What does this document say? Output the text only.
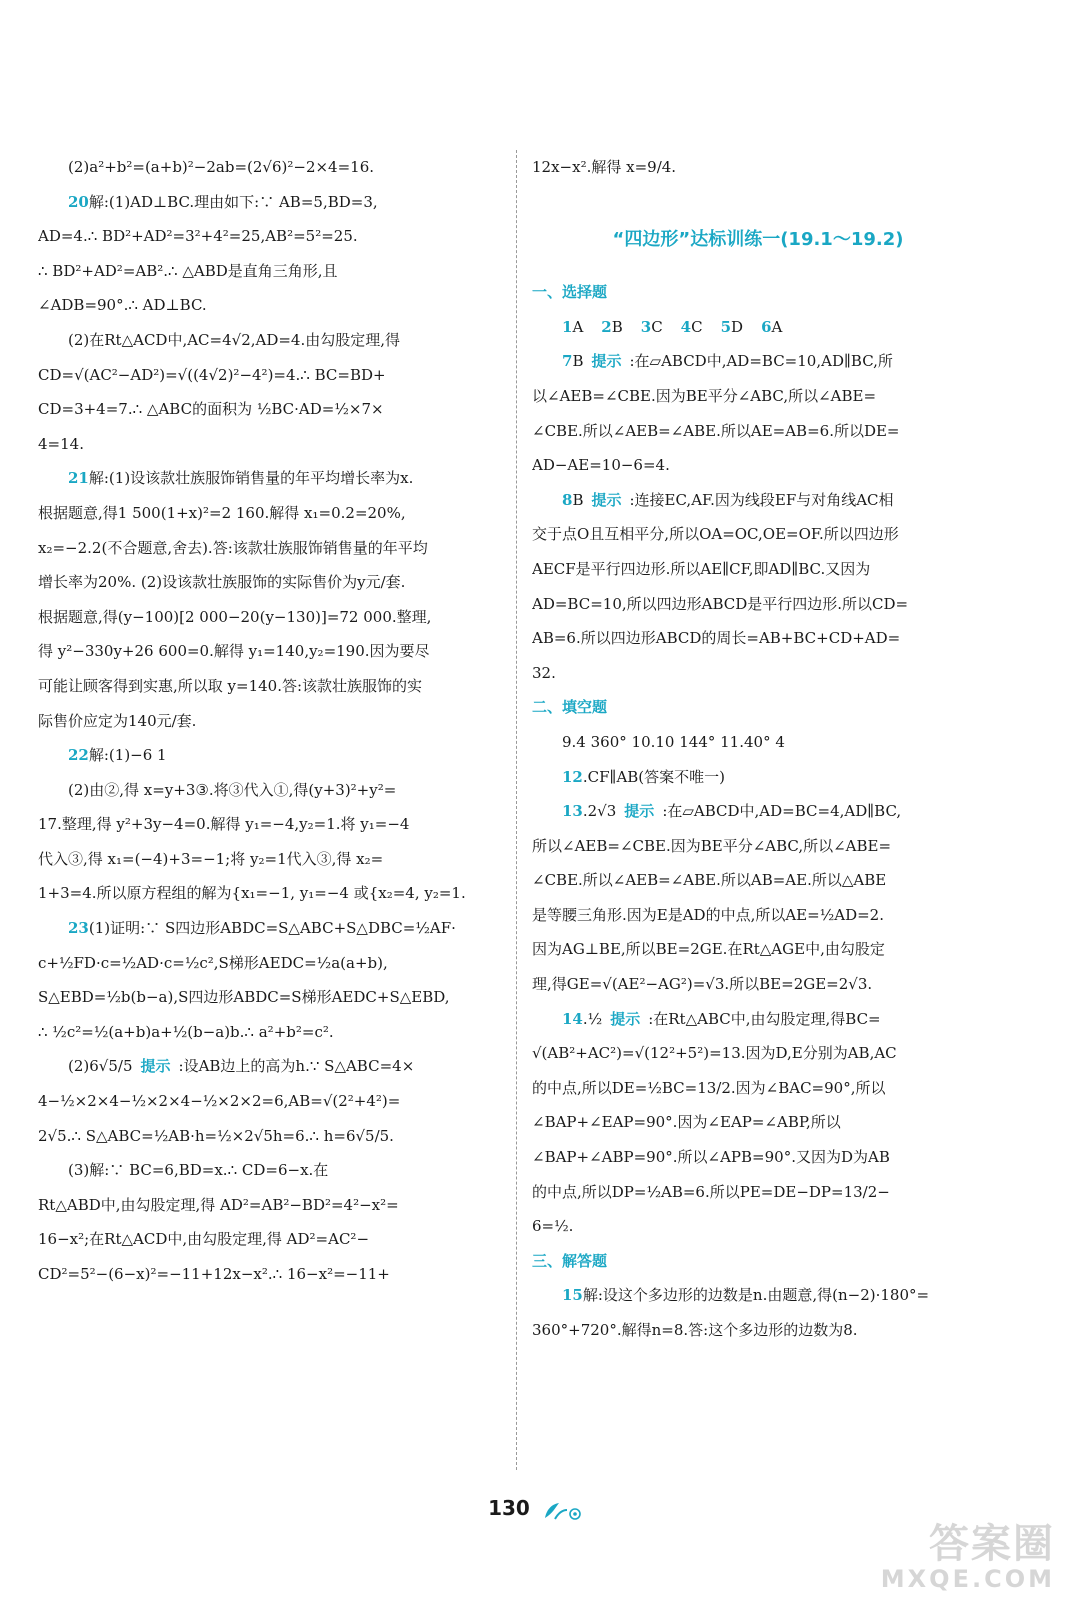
(2)a²+b²=(a+b)²−2ab=(2√6)²−2×4=16.
20解:(1)AD⊥BC.理由如下:∵ AB=5,BD=3,
AD=4.∴ BD²+AD²=3²+4²=25,AB²=5²=25.
∴ BD²+AD²=AB².∴ △ABD是直角三角形,且
∠ADB=90°.∴ AD⊥BC.
(2)在Rt△ACD中,AC=4√2,AD=4.由勾股定理,得
CD=√(AC²−AD²)=√((4√2)²−4²)=4.∴ BC=BD+
CD=3+4=7.∴ △ABC的面积为 ½BC·AD=½×7×
4=14.
21解:(1)设该款壮族服饰销售量的年平均增长率为x.
根据题意,得1 500(1+x)²=2 160.解得 x₁=0.2=20%,
x₂=−2.2(不合题意,舍去).答:该款壮族服饰销售量的年平均
增长率为20%. (2)设该款壮族服饰的实际售价为y元/套.
根据题意,得(y−100)[2 000−20(y−130)]=72 000.整理,
得 y²−330y+26 600=0.解得 y₁=140,y₂=190.因为要尽
可能让顾客得到实惠,所以取 y=140.答:该款壮族服饰的实
际售价应定为140元/套.
22解:(1)−6 1
(2)由②,得 x=y+3③.将③代入①,得(y+3)²+y²=
17.整理,得 y²+3y−4=0.解得 y₁=−4,y₂=1.将 y₁=−4
代入③,得 x₁=(−4)+3=−1;将 y₂=1代入③,得 x₂=
1+3=4.所以原方程组的解为{x₁=−1, y₁=−4 或{x₂=4, y₂=1.
23(1)证明:∵ S四边形ABDC=S△ABC+S△DBC=½AF·
c+½FD·c=½AD·c=½c²,S梯形AEDC=½a(a+b),
S△EBD=½b(b−a),S四边形ABDC=S梯形AEDC+S△EBD,
∴ ½c²=½(a+b)a+½(b−a)b.∴ a²+b²=c².
(2)6√5/5 提示 :设AB边上的高为h.∵ S△ABC=4×
4−½×2×4−½×2×4−½×2×2=6,AB=√(2²+4²)=
2√5.∴ S△ABC=½AB·h=½×2√5h=6.∴ h=6√5/5.
(3)解:∵ BC=6,BD=x.∴ CD=6−x.在
Rt△ABD中,由勾股定理,得 AD²=AB²−BD²=4²−x²=
16−x²;在Rt△ACD中,由勾股定理,得 AD²=AC²−
CD²=5²−(6−x)²=−11+12x−x².∴ 16−x²=−11+
12x−x².解得 x=9/4.
“四边形”达标训练一(19.1～19.2)
一、选择题
1A 2B 3C 4C 5D 6A
7B 提示 :在▱ABCD中,AD=BC=10,AD∥BC,所
以∠AEB=∠CBE.因为BE平分∠ABC,所以∠ABE=
∠CBE.所以∠AEB=∠ABE.所以AE=AB=6.所以DE=
AD−AE=10−6=4.
8B 提示 :连接EC,AF.因为线段EF与对角线AC相
交于点O且互相平分,所以OA=OC,OE=OF.所以四边形
AECF是平行四边形.所以AE∥CF,即AD∥BC.又因为
AD=BC=10,所以四边形ABCD是平行四边形.所以CD=
AB=6.所以四边形ABCD的周长=AB+BC+CD+AD=
32.
二、填空题
9.4 360° 10.10 144° 11.40° 4
12.CF∥AB(答案不唯一)
13.2√3 提示 :在▱ABCD中,AD=BC=4,AD∥BC,
所以∠AEB=∠CBE.因为BE平分∠ABC,所以∠ABE=
∠CBE.所以∠AEB=∠ABE.所以AB=AE.所以△ABE
是等腰三角形.因为E是AD的中点,所以AE=½AD=2.
因为AG⊥BE,所以BE=2GE.在Rt△AGE中,由勾股定
理,得GE=√(AE²−AG²)=√3.所以BE=2GE=2√3.
14.½ 提示 :在Rt△ABC中,由勾股定理,得BC=
√(AB²+AC²)=√(12²+5²)=13.因为D,E分别为AB,AC
的中点,所以DE=½BC=13/2.因为∠BAC=90°,所以
∠BAP+∠EAP=90°.因为∠EAP=∠ABP,所以
∠BAP+∠ABP=90°.所以∠APB=90°.又因为D为AB
的中点,所以DP=½AB=6.所以PE=DE−DP=13/2−
6=½.
三、解答题
15解:设这个多边形的边数是n.由题意,得(n−2)·180°=
360°+720°.解得n=8.答:这个多边形的边数为8.
130
答案圈
MXQE.COM
